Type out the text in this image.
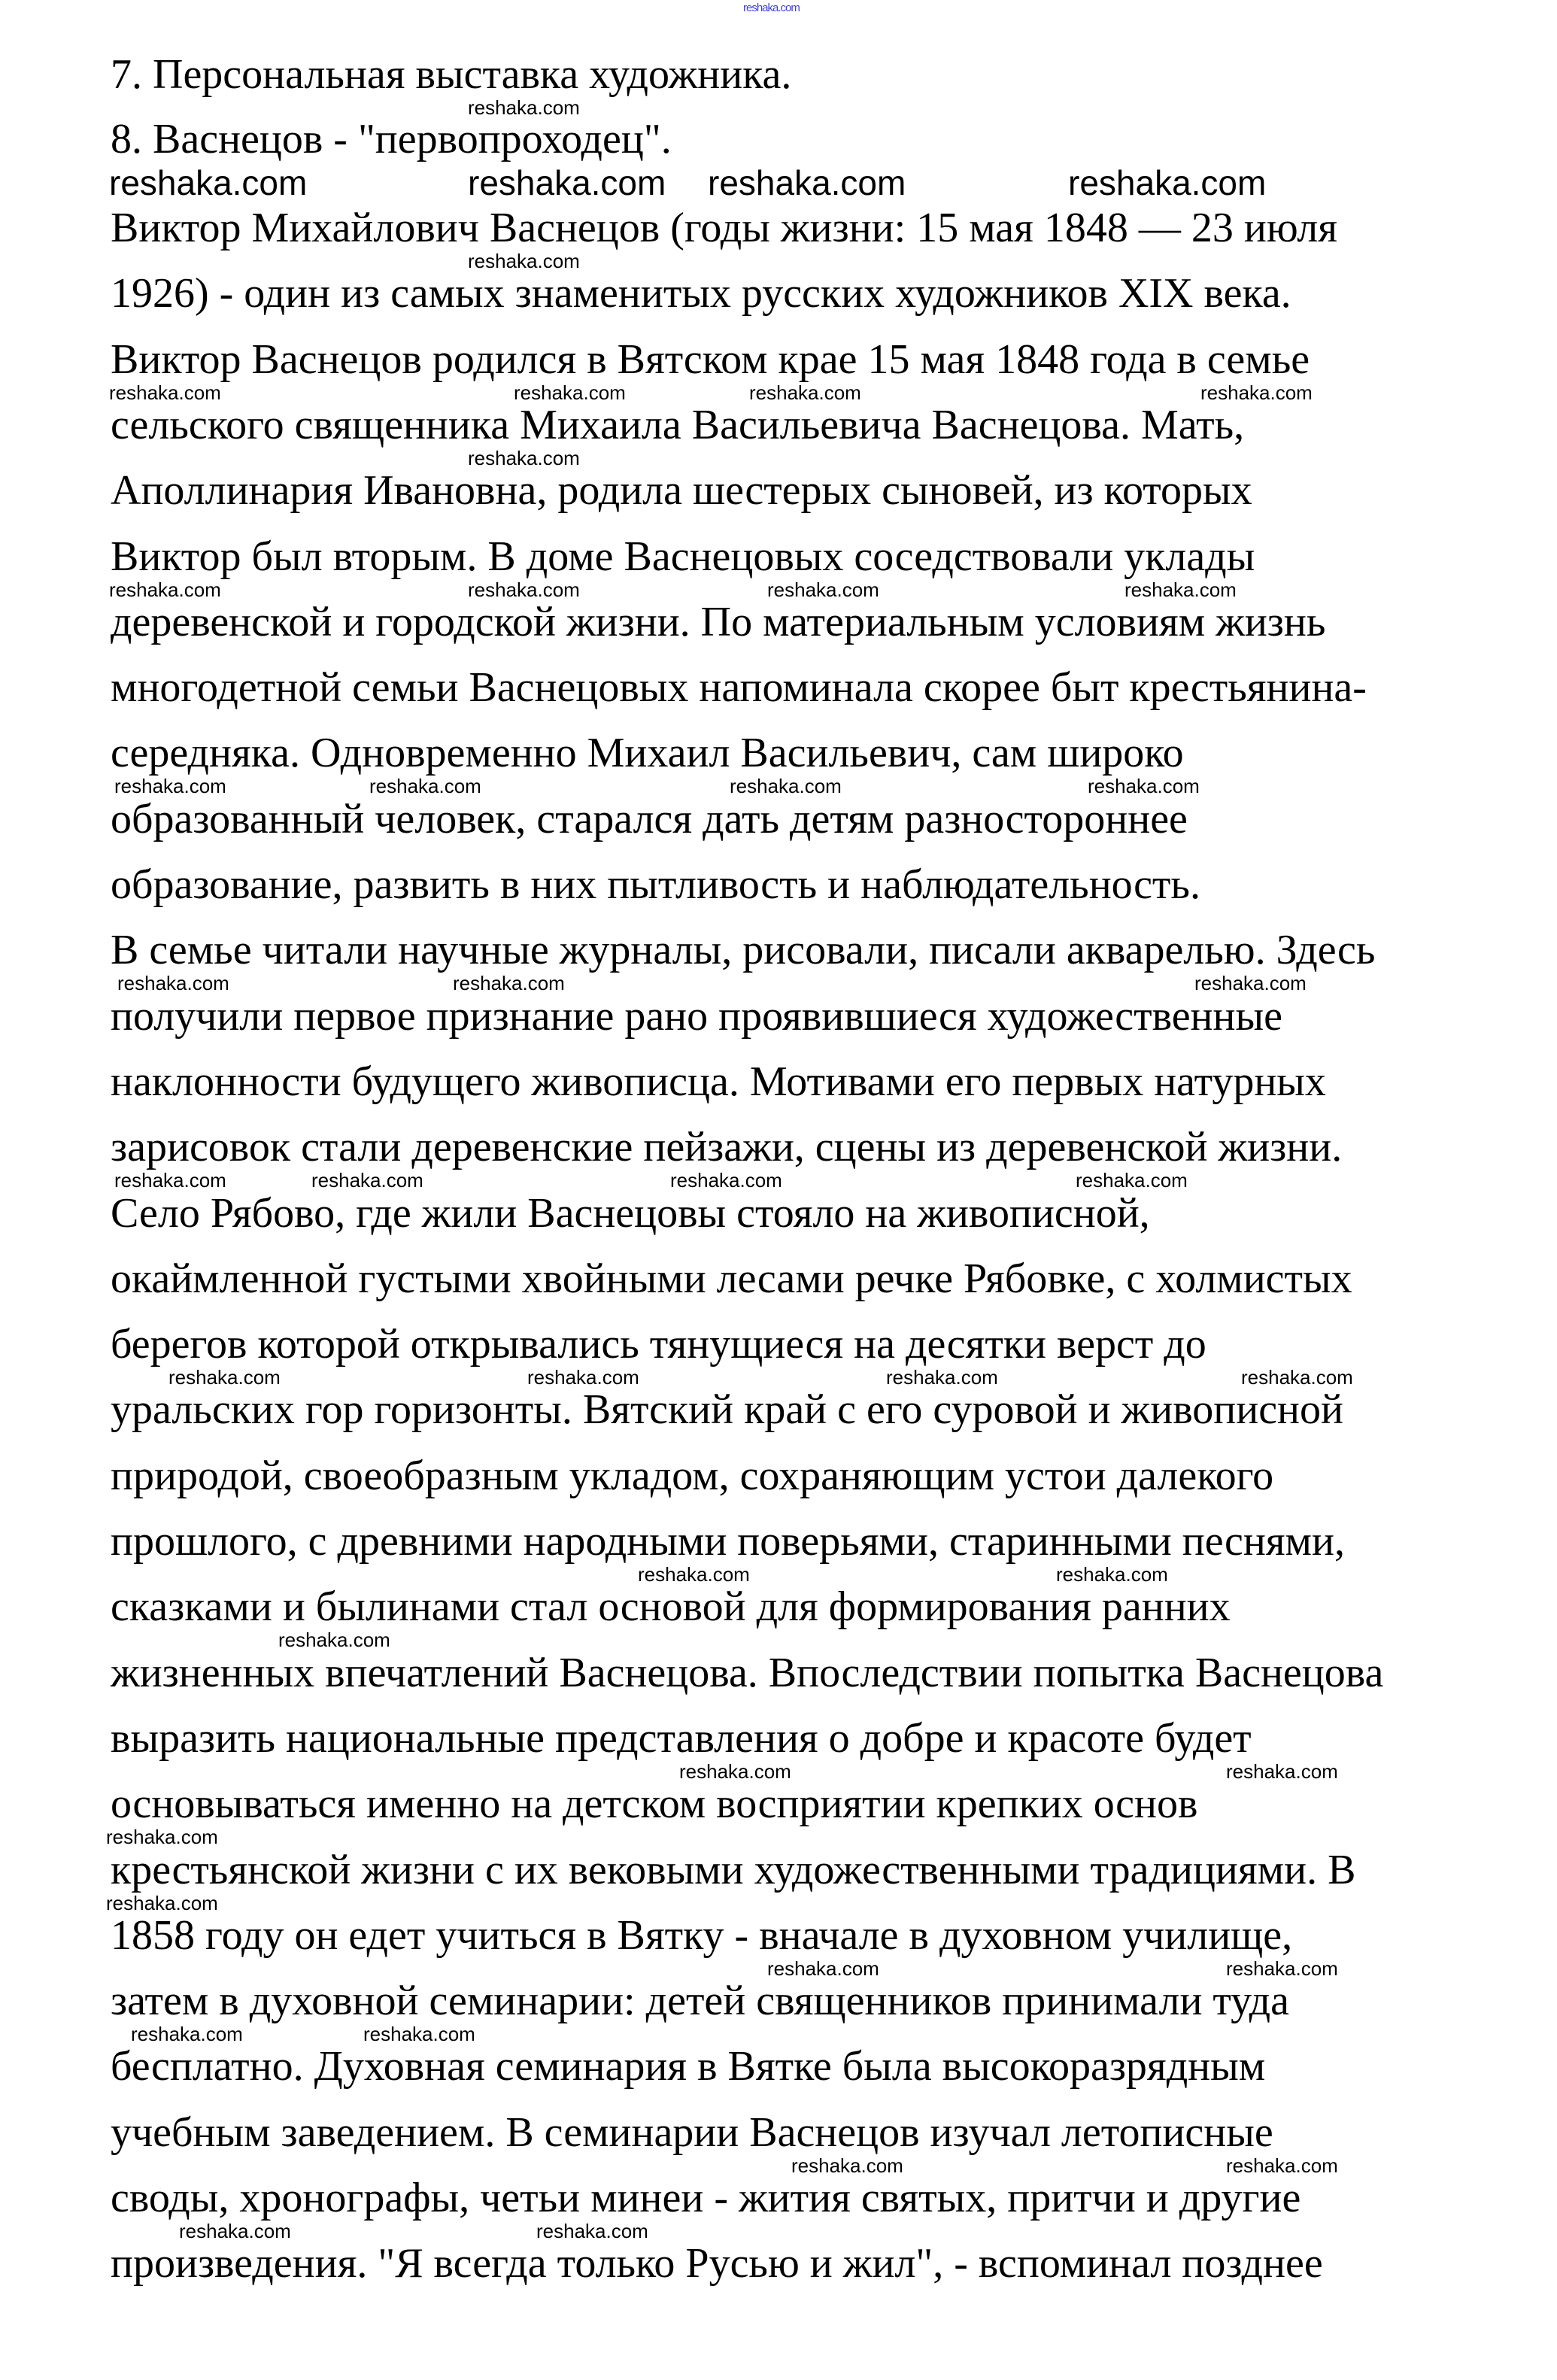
reshaka.com
7. Персональная выставка художника.
8. Васнецов - "первопроходец".
Виктор Михайлович Васнецов (годы жизни: 15 мая 1848 — 23 июля
1926) - один из самых знаменитых русских художников XIX века.
Виктор Васнецов родился в Вятском крае 15 мая 1848 года в семье
сельского священника Михаила Васильевича Васнецова. Мать,
Аполлинария Ивановна, родила шестерых сыновей, из которых
Виктор был вторым. В доме Васнецовых соседствовали уклады
деревенской и городской жизни. По материальным условиям жизнь
многодетной семьи Васнецовых напоминала скорее быт крестьянина-
середняка. Одновременно Михаил Васильевич, сам широко
образованный человек, старался дать детям разностороннее
образование, развить в них пытливость и наблюдательность.
В семье читали научные журналы, рисовали, писали акварелью. Здесь
получили первое признание рано проявившиеся художественные
наклонности будущего живописца. Мотивами его первых натурных
зарисовок стали деревенские пейзажи, сцены из деревенской жизни.
Село Рябово, где жили Васнецовы стояло на живописной,
окаймленной густыми хвойными лесами речке Рябовке, с холмистых
берегов которой открывались тянущиеся на десятки верст до
уральских гор горизонты. Вятский край с его суровой и живописной
природой, своеобразным укладом, сохраняющим устои далекого
прошлого, с древними народными поверьями, старинными песнями,
сказками и былинами стал основой для формирования ранних
жизненных впечатлений Васнецова. Впоследствии попытка Васнецова
выразить национальные представления о добре и красоте будет
основываться именно на детском восприятии крепких основ
крестьянской жизни с их вековыми художественными традициями. В
1858 году он едет учиться в Вятку - вначале в духовном училище,
затем в духовной семинарии: детей священников принимали туда
бесплатно. Духовная семинария в Вятке была высокоразрядным
учебным заведением. В семинарии Васнецов изучал летописные
своды, хронографы, четьи минеи - жития святых, притчи и другие
произведения. "Я всегда только Русью и жил", - вспоминал позднее
reshaka.com
reshaka.com	reshaka.com	reshaka.com
reshaka.com
reshaka.com
reshaka.com
reshaka.com	reshaka.com	reshaka.com
reshaka.com
reshaka.com	reshaka.com	reshaka.com	reshaka.com
reshaka.com	reshaka.com	reshaka.com
reshaka.com
reshaka.com	reshaka.com	reshaka.com
reshaka.com	reshaka.com	reshaka.com
reshaka.com
reshaka.com	reshaka.com	reshaka.com	reshaka.com
reshaka.com	reshaka.com
reshaka.com
reshaka.com	reshaka.com
reshaka.com
reshaka.com
reshaka.com	reshaka.com
reshaka.com
reshaka.com
reshaka.com	reshaka.com
reshaka.com
reshaka.com
